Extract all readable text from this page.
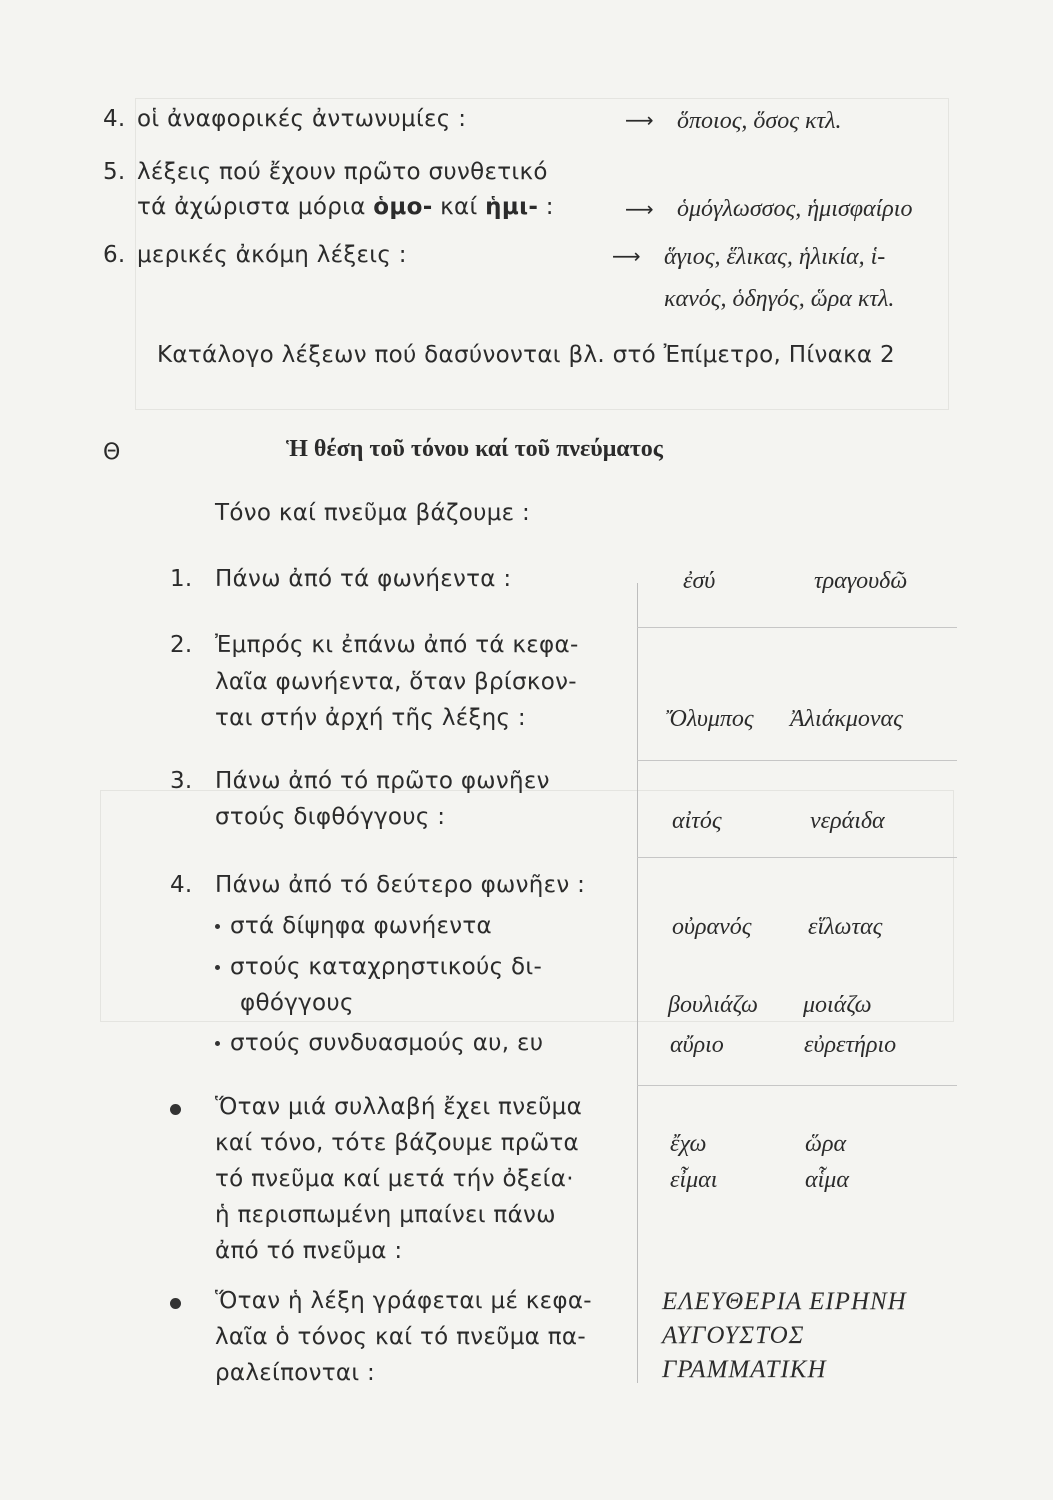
4. οἱ ἀναφορικές ἀντωνυμίες :	⟶ ὅποιος, ὅσος κτλ.
5. λέξεις πού ἔχουν πρῶτο συνθετικό
τά ἀχώριστα μόρια ὁμο- καί ἡμι- :	⟶ ὁμόγλωσσος, ἡμισφαίριο
6. μερικές ἀκόμη λέξεις :	⟶ ἅγιος, ἕλικας, ἡλικία, ἱ-
κανός, ὁδηγός, ὥρα κτλ.
Κατάλογο λέξεων πού δασύνονται βλ. στό Ἐπίμετρο, Πίνακα 2
Θ	Ἡ θέση τοῦ τόνου καί τοῦ πνεύματος
Τόνο καί πνεῦμα βάζουμε :
1. Πάνω ἀπό τά φωνήεντα :	ἐσύ	τραγουδῶ
2. Ἐμπρός κι ἐπάνω ἀπό τά κεφα-
λαῖα φωνήεντα, ὅταν βρίσκον-
ται στήν ἀρχή τῆς λέξης :	Ὄλυμπος Ἀλιάκμονας
3. Πάνω ἀπό τό πρῶτο φωνῆεν
στούς διφθόγγους :	αἰτός	νεράιδα
4. Πάνω ἀπό τό δεύτερο φωνῆεν :
στά δίψηφα φωνήεντα	οὐρανός εἵλωτας
στούς καταχρηστικούς δι-
φθόγγους	βουλιάζω μοιάζω
στούς συνδυασμούς αυ, ευ	αὔριο	εὐρετήριο
Ὅταν μιά συλλαβή ἔχει πνεῦμα
καί τόνο, τότε βάζουμε πρῶτα
τό πνεῦμα καί μετά τήν ὀξεία·
ἡ περισπωμένη μπαίνει πάνω
ἀπό τό πνεῦμα :
ἔχω	ὥρα
εἶμαι	αἷμα
Ὅταν ἡ λέξη γράφεται μέ κεφα-
λαῖα ὁ τόνος καί τό πνεῦμα πα-
ραλείπονται :
ΕΛΕΥΘΕΡΙΑ ΕΙΡΗΝΗ
ΑΥΓΟΥΣΤΟΣ
ΓΡΑΜΜΑΤΙΚΗ
